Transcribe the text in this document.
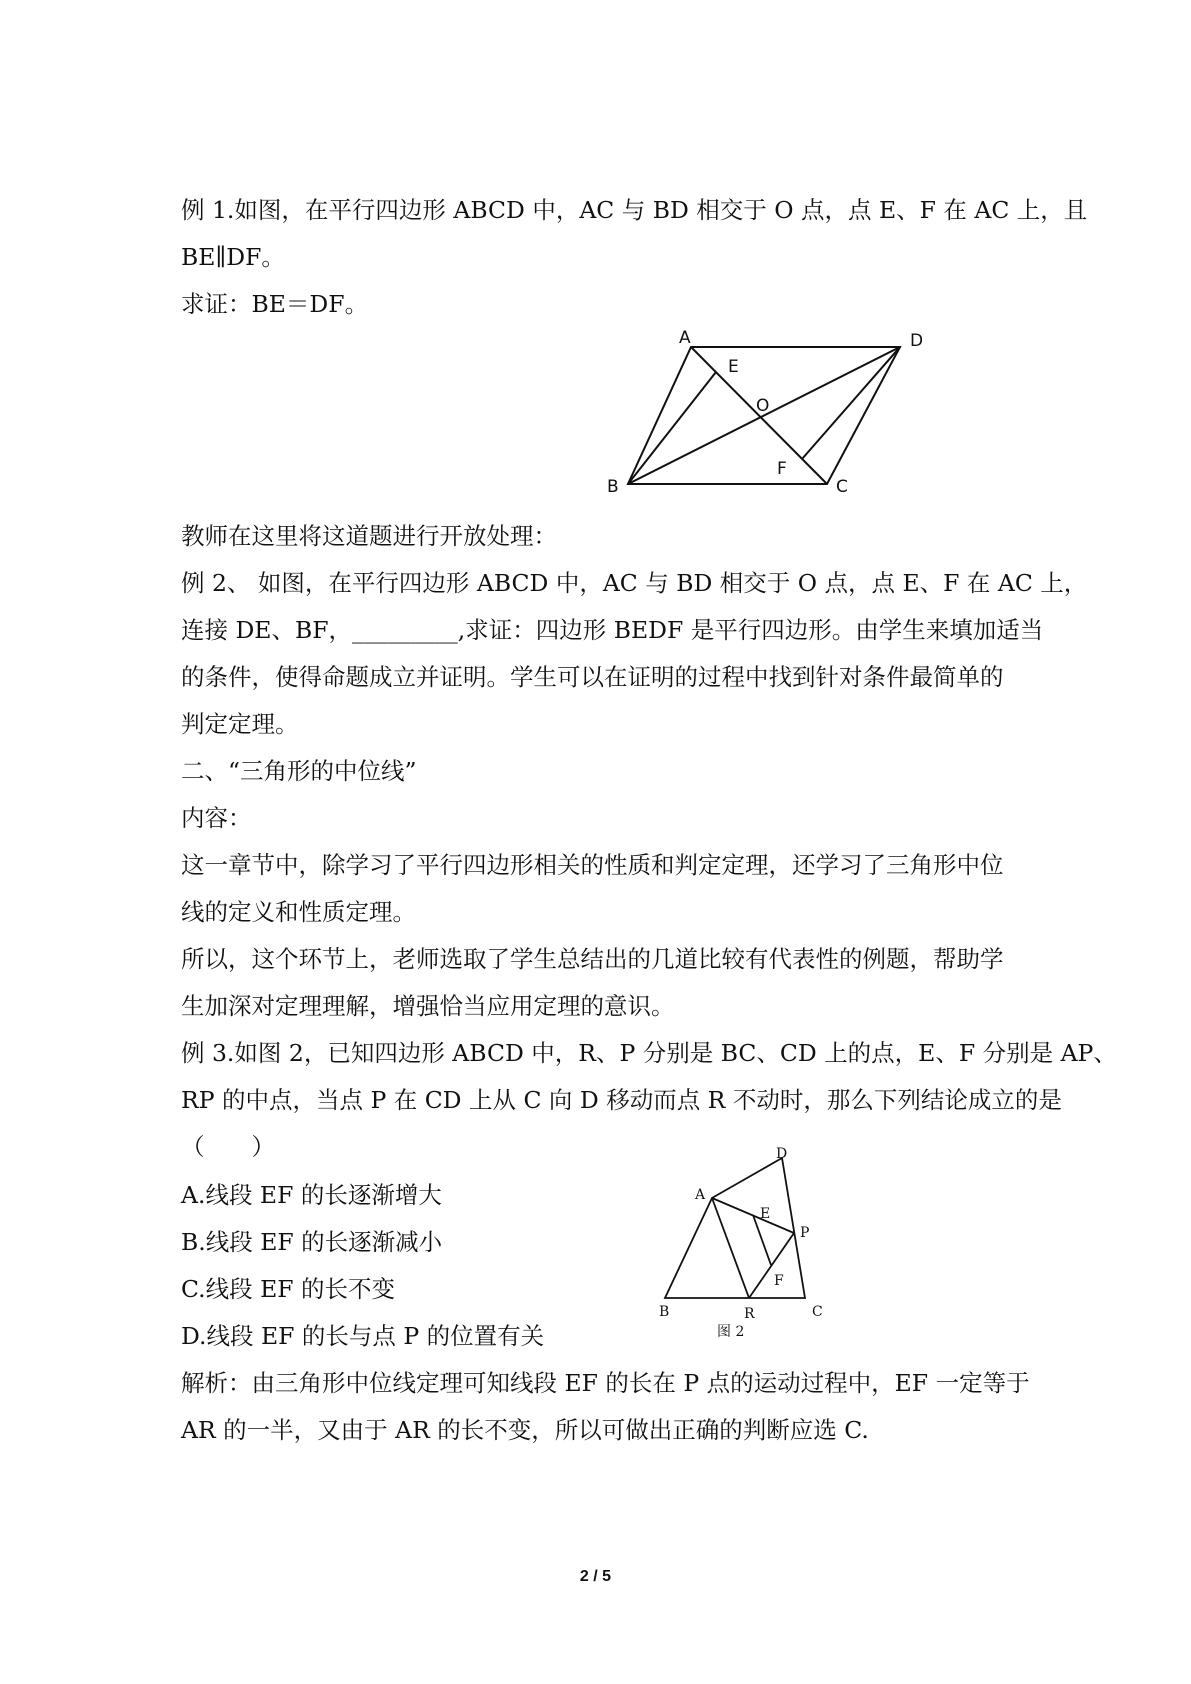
例 1.如图，在平行四边形 ABCD 中，AC 与 BD 相交于 O 点，点 E、F 在 AC 上，且
BE∥DF。
求证：BE＝DF。
A	D
E
O
F
B	C
教师在这里将这道题进行开放处理：
例 2、 如图，在平行四边形 ABCD 中，AC 与 BD 相交于 O 点，点 E、F 在 AC 上，
连接 DE、BF，_________,求证：四边形 BEDF 是平行四边形。由学生来填加适当
的条件，使得命题成立并证明。学生可以在证明的过程中找到针对条件最简单的
判定定理。
二、“三角形的中位线”
内容：
这一章节中，除学习了平行四边形相关的性质和判定定理，还学习了三角形中位
线的定义和性质定理。
所以，这个环节上，老师选取了学生总结出的几道比较有代表性的例题，帮助学
生加深对定理理解，增强恰当应用定理的意识。
例 3.如图 2，已知四边形 ABCD 中，R、P 分别是 BC、CD 上的点，E、F 分别是 AP、
RP 的中点，当点 P 在 CD 上从 C 向 D 移动而点 R 不动时，那么下列结论成立的是
（　　）
A.线段 EF 的长逐渐增大
B.线段 EF 的长逐渐减小
C.线段 EF 的长不变
D.线段 EF 的长与点 P 的位置有关
D
A
E
P
F
B	R	C
图 2
解析：由三角形中位线定理可知线段 EF 的长在 P 点的运动过程中，EF 一定等于
AR 的一半，又由于 AR 的长不变，所以可做出正确的判断应选 C.
2 / 5
